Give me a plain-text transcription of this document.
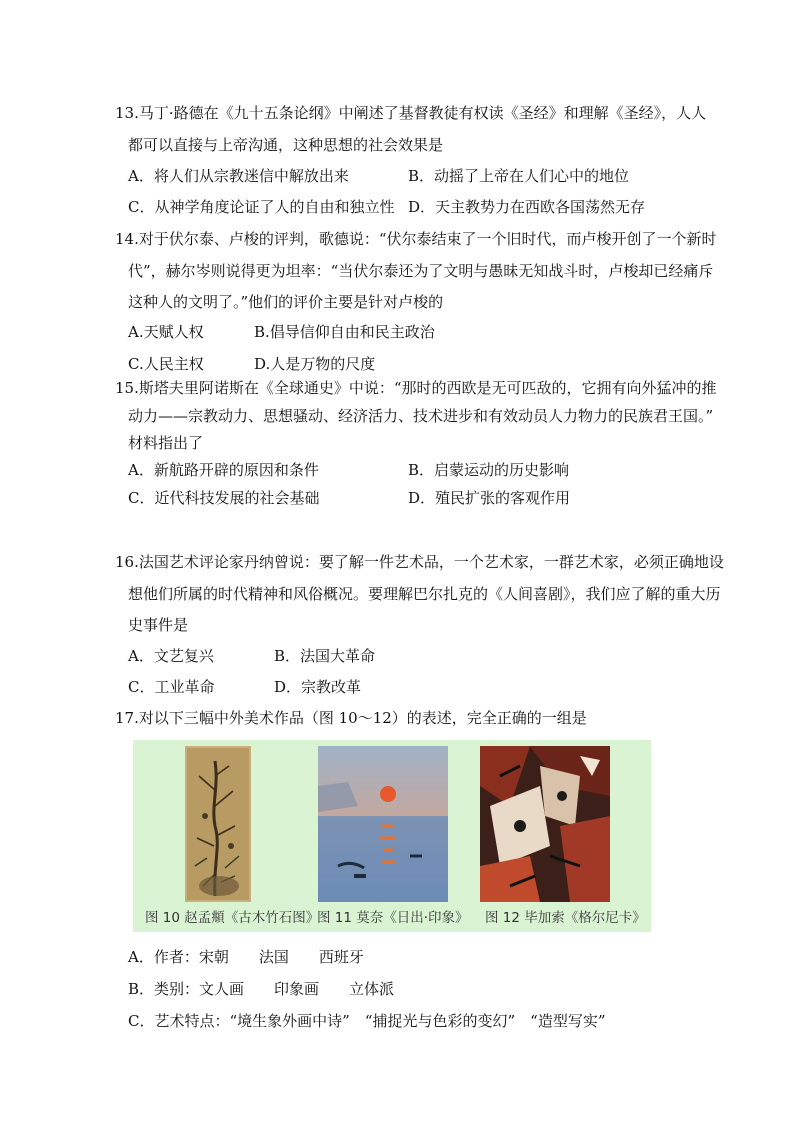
13.马丁·路德在《九十五条论纲》中阐述了基督教徒有权读《圣经》和理解《圣经》，人人
都可以直接与上帝沟通，这种思想的社会效果是
A．将人们从宗教迷信中解放出来	B．动摇了上帝在人们心中的地位
C．从神学角度论证了人的自由和独立性 D．天主教势力在西欧各国荡然无存
14.对于伏尔泰、卢梭的评判，歌德说：“伏尔泰结束了一个旧时代，而卢梭开创了一个新时
代”，赫尔岑则说得更为坦率：“当伏尔泰还为了文明与愚昧无知战斗时，卢梭却已经痛斥
这种人的文明了。”他们的评价主要是针对卢梭的
A.天赋人权	B.倡导信仰自由和民主政治
C.人民主权	D.人是万物的尺度
15.斯塔夫里阿诺斯在《全球通史》中说：“那时的西欧是无可匹敌的，它拥有向外猛冲的推
动力——宗教动力、思想骚动、经济活力、技术进步和有效动员人力物力的民族君王国。”
材料指出了
A．新航路开辟的原因和条件	B．启蒙运动的历史影响
C．近代科技发展的社会基础	D．殖民扩张的客观作用
16.法国艺术评论家丹纳曾说：要了解一件艺术品，一个艺术家，一群艺术家，必须正确地设
想他们所属的时代精神和风俗概况。要理解巴尔扎克的《人间喜剧》，我们应了解的重大历
史事件是
A．文艺复兴	B．法国大革命
C．工业革命	D．宗教改革
17.对以下三幅中外美术作品（图 10～12）的表述，完全正确的一组是
图 10 赵孟頫《古木竹石图》
图 11 莫奈《日出·印象》 图 12 毕加索《格尔尼卡》
A．作者：宋朝　　法国　　西班牙
B．类别：文人画　　印象画　　立体派
C．艺术特点：“境生象外画中诗”　“捕捉光与色彩的变幻”　“造型写实”
